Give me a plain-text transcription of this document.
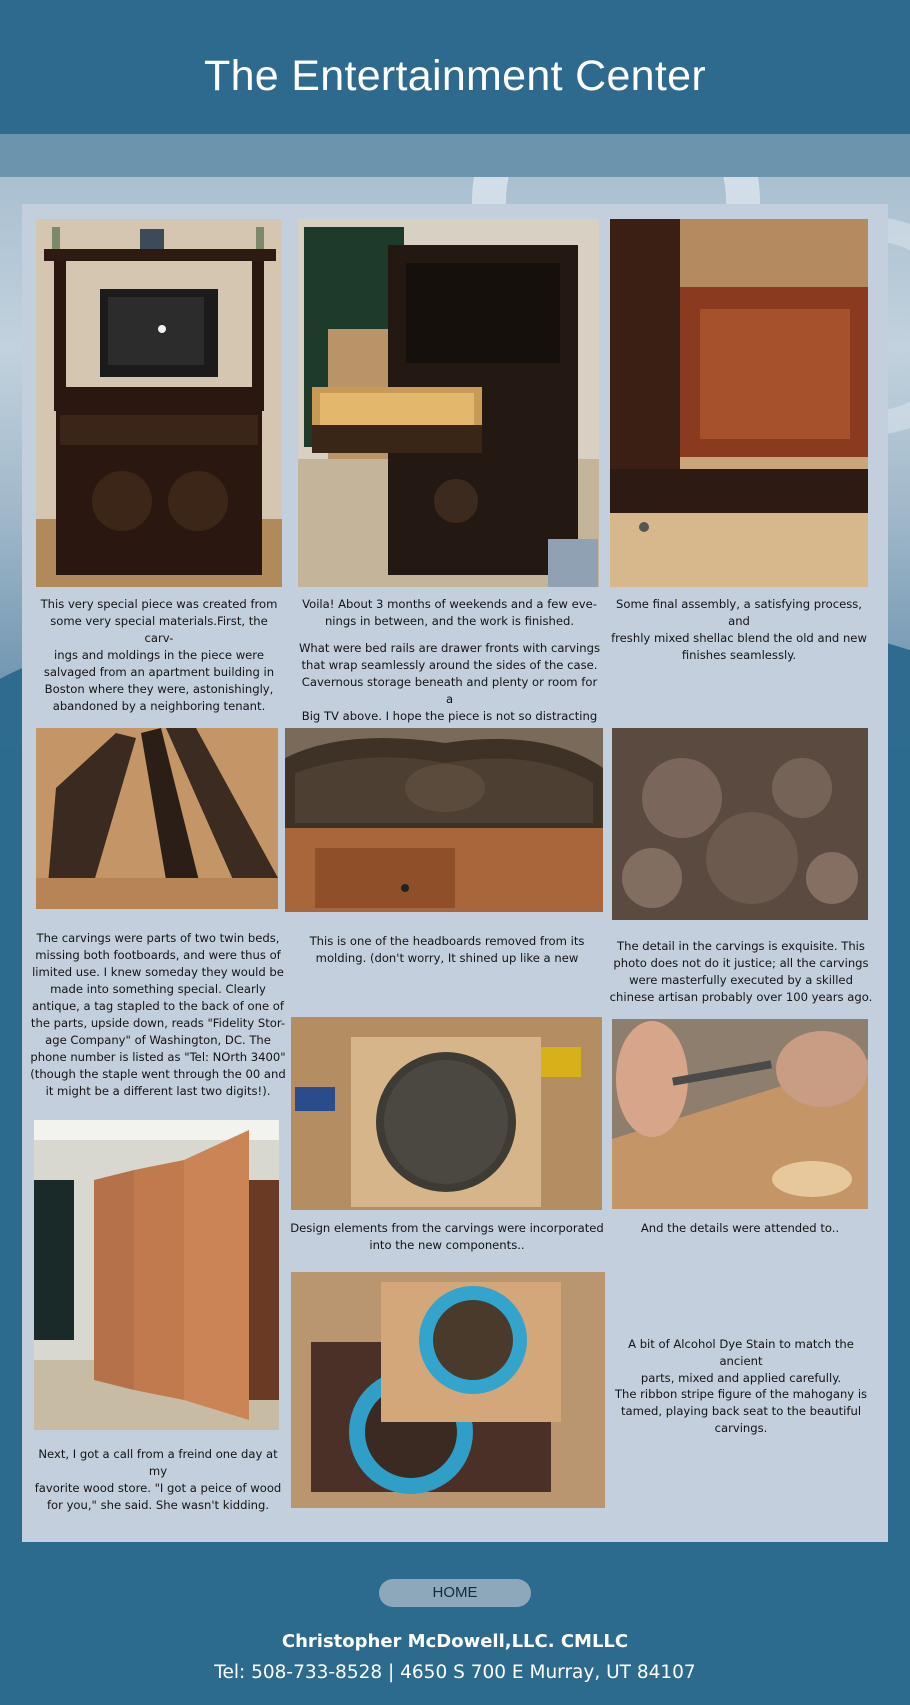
The Entertainment Center
This very special piece was created from
some very special materials.First, the carv-
ings and moldings in the piece were
salvaged from an apartment building in
Boston where they were, astonishingly,
abandoned by a neighboring tenant.
Voila! About 3 months of weekends and a few eve-
nings in between, and the work is finished.
What were bed rails are drawer fronts with carvings
that wrap seamlessly around the sides of the case.
Cavernous storage beneath and plenty or room for a
Big TV above. I hope the piece is not so distracting

Some final assembly, a satisfying process, and
freshly mixed shellac blend the old and new
finishes seamlessly.
The carvings were parts of two twin beds,
missing both footboards, and were thus of
limited use. I knew someday they would be
made into something special. Clearly
antique, a tag stapled to the back of one of
the parts, upside down, reads "Fidelity Stor-
age Company" of Washington, DC. The
phone number is listed as "Tel: NOrth 3400"
(though the staple went through the 00 and
it might be a different last two digits!).
This is one of the headboards removed from its
molding. (don't worry, It shined up like a new
The detail in the carvings is exquisite. This
photo does not do it justice; all the carvings
were masterfully executed by a skilled
chinese artisan probably over 100 years ago.
Design elements from the carvings were incorporated
into the new components..
And the details were attended to..
Next, I got a call from a freind one day at my
favorite wood store. "I got a peice of wood
for you," she said. She wasn't kidding.
A bit of Alcohol Dye Stain to match the ancient
parts, mixed and applied carefully.
The ribbon stripe figure of the mahogany is
tamed, playing back seat to the beautiful
carvings.
HOME
Christopher McDowell,LLC. CMLLC
Tel: 508-733-8528 | 4650 S 700 E Murray, UT 84107
